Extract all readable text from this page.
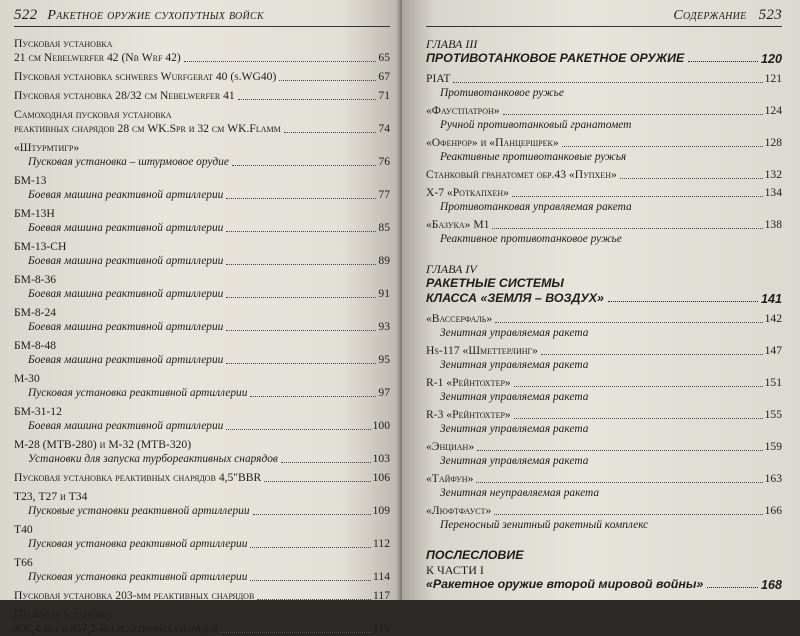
522 Ракетное оружие сухопутных войск
Пусковая установка
21 см Nebelwerfer 42 (Nb Wrf 42)	65
Пусковая установка schweres Wurfgerat 40 (s.WG40)	67
Пусковая установка 28/32 см Nebelwerfer 41	71
Самоходная пусковая установка
реактивных снарядов 28 см WK.Spr и 32 см WK.Flamm	74
«Штурмтигр»
Пусковая установка – штурмовое орудие	76
БМ-13
Боевая машина реактивной артиллерии	77
БМ-13Н
Боевая машина реактивной артиллерии	85
БМ-13-СН
Боевая машина реактивной артиллерии	89
БМ-8-36
Боевая машина реактивной артиллерии	91
БМ-8-24
Боевая машина реактивной артиллерии	93
БМ-8-48
Боевая машина реактивной артиллерии	95
М-30
Пусковая установка реактивной артиллерии	97
БМ-31-12
Боевая машина реактивной артиллерии	100
М-28 (МТВ-280) и М-32 (МТВ-320)
Установки для запуска турбореактивных снарядов	103
Пусковая установка реактивных снарядов 4,5"BBR	106
Т23, Т27 и Т34
Пусковые установки реактивной артиллерии	109
Т40
Пусковая установка реактивной артиллерии	112
Т66
Пусковая установка реактивной артиллерии	114
Пусковая установка 203-мм реактивных снарядов	117
Пусковая установка
406,4-мм и 457,2-мм реактивных снарядов	119
Содержание 523
ГЛАВА III
ПРОТИВОТАНКОВОЕ РАКЕТНОЕ ОРУЖИЕ	120
PIAT	121
Противотанковое ружье
«Фаустпатрон»	124
Ручной противотанковый гранатомет
«Офенрор» и «Панцершрек»	128
Реактивные противотанковые ружья
Станковый гранатомет обр.43 «Пупхен»	132
Х-7 «Роткапхен»	134
Противотанковая управляемая ракета
«Базука» М1	138
Реактивное противотанковое ружье
ГЛАВА IV
РАКЕТНЫЕ СИСТЕМЫ
КЛАССА «ЗЕМЛЯ – ВОЗДУХ»	141
«Вассерфаль»	142
Зенитная управляемая ракета
Hs-117 «Шметтерлинг»	147
Зенитная управляемая ракета
R-1 «Рейнтохтер»	151
Зенитная управляемая ракета
R-3 «Рейнтохтер»	155
Зенитная управляемая ракета
«Энциан»	159
Зенитная управляемая ракета
«Тайфун»	163
Зенитная неуправляемая ракета
«Люфтфауст»	166
Переносный зенитный ракетный комплекс
ПОСЛЕСЛОВИЕ
К ЧАСТИ I
«Ракетное оружие второй мировой войны»	168
